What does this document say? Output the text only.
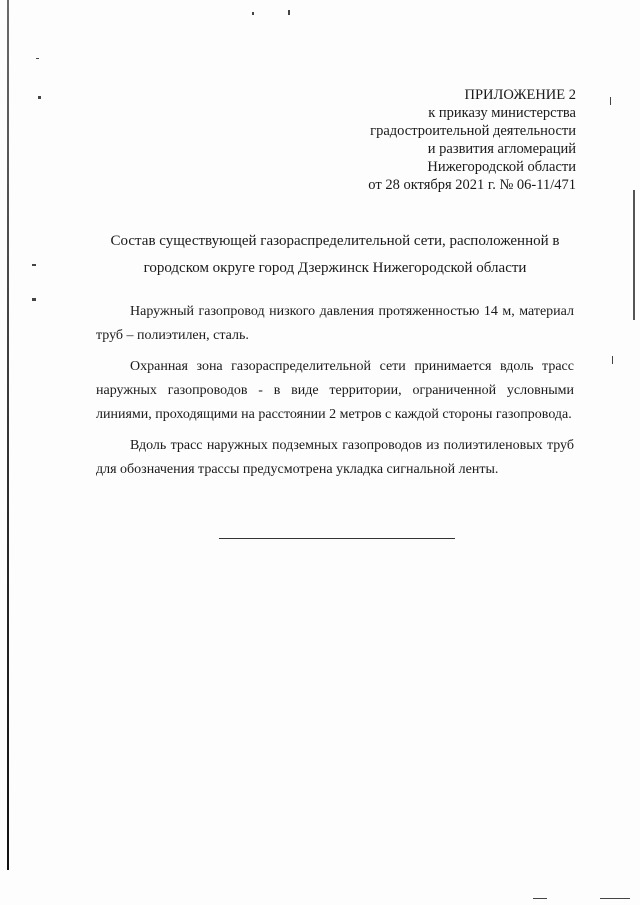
ПРИЛОЖЕНИЕ 2
к приказу министерства
градостроительной деятельности
и развития агломераций
Нижегородской области
от 28 октября 2021 г. № 06-11/471
Состав существующей газораспределительной сети, расположенной в
городском округе город Дзержинск Нижегородской области

Наружный газопровод низкого давления протяженностью 14 м, материал труб – полиэтилен, сталь.

Охранная зона газораспределительной сети принимается вдоль трасс наружных газопроводов - в виде территории, ограниченной условными линиями, проходящими на расстоянии 2 метров с каждой стороны газопровода.

Вдоль трасс наружных подземных газопроводов из полиэтиленовых труб для обозначения трассы предусмотрена укладка сигнальной ленты.
